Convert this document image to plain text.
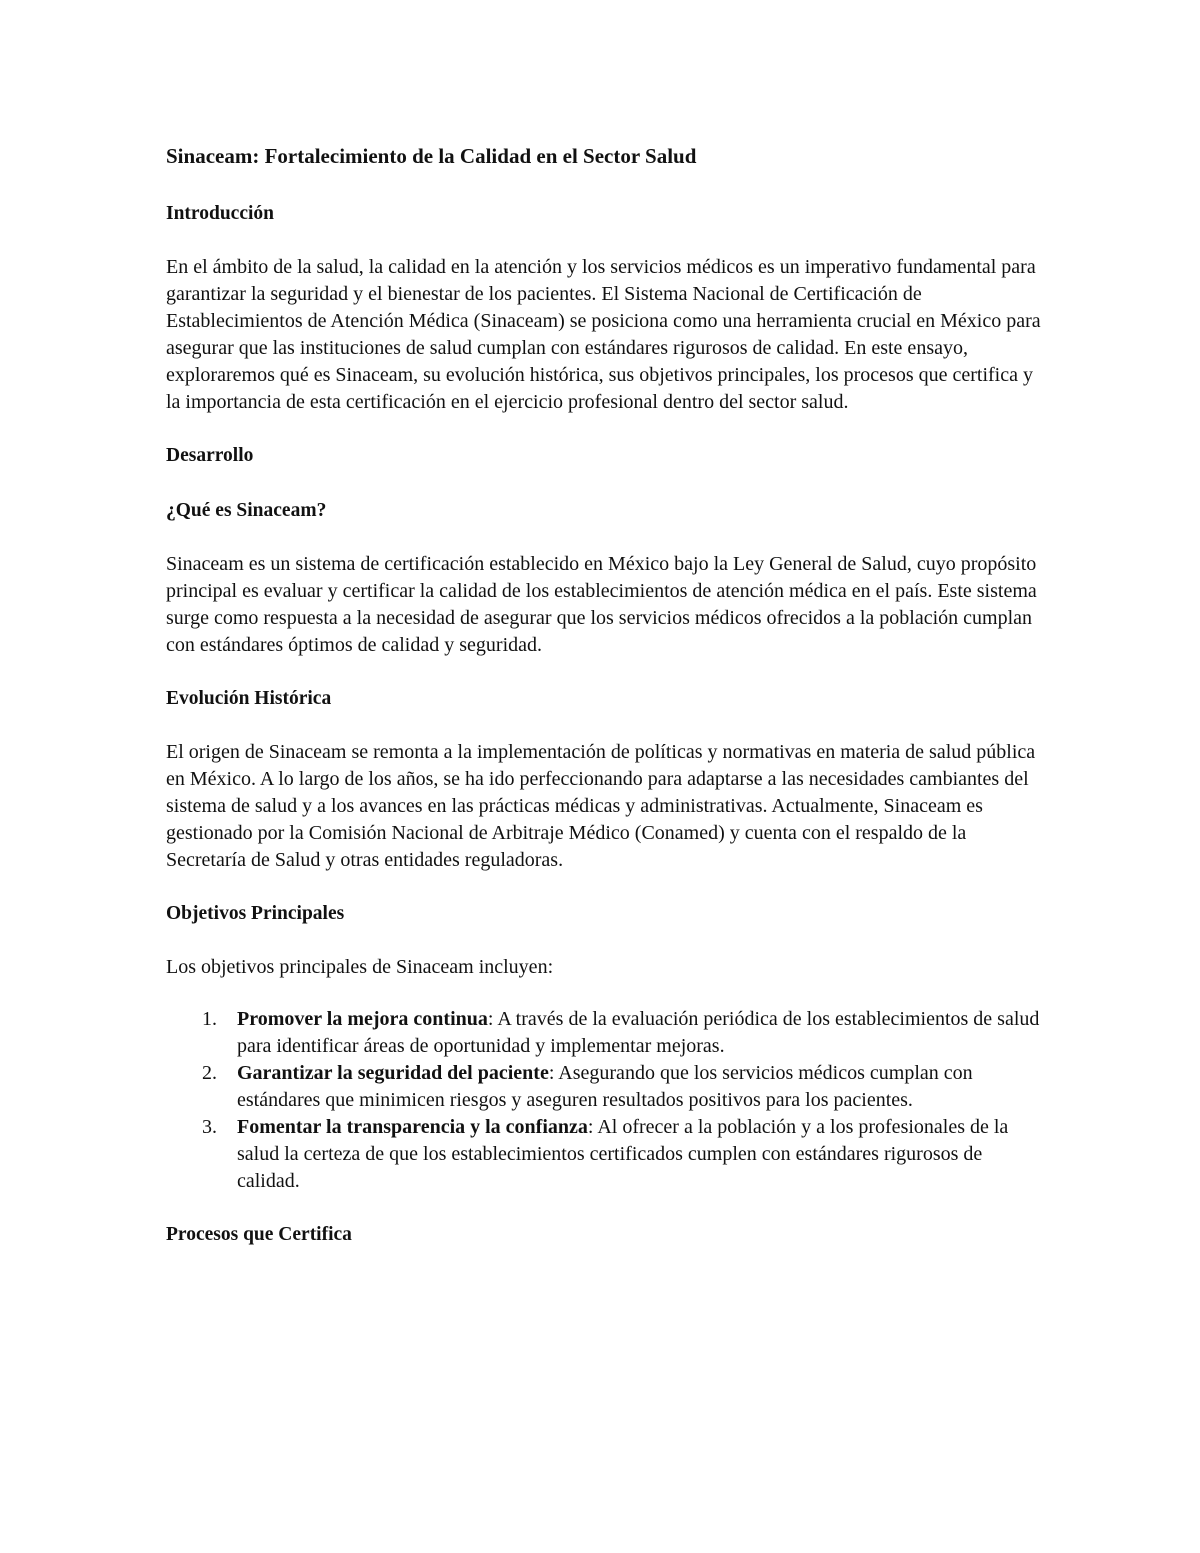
Sinaceam: Fortalecimiento de la Calidad en el Sector Salud
Introducción

En el ámbito de la salud, la calidad en la atención y los servicios médicos es un imperativo fundamental para garantizar la seguridad y el bienestar de los pacientes. El Sistema Nacional de Certificación de Establecimientos de Atención Médica (Sinaceam) se posiciona como una herramienta crucial en México para asegurar que las instituciones de salud cumplan con estándares rigurosos de calidad. En este ensayo, exploraremos qué es Sinaceam, su evolución histórica, sus objetivos principales, los procesos que certifica y la importancia de esta certificación en el ejercicio profesional dentro del sector salud.

Desarrollo
¿Qué es Sinaceam?

Sinaceam es un sistema de certificación establecido en México bajo la Ley General de Salud, cuyo propósito principal es evaluar y certificar la calidad de los establecimientos de atención médica en el país. Este sistema surge como respuesta a la necesidad de asegurar que los servicios médicos ofrecidos a la población cumplan con estándares óptimos de calidad y seguridad.

Evolución Histórica

El origen de Sinaceam se remonta a la implementación de políticas y normativas en materia de salud pública en México. A lo largo de los años, se ha ido perfeccionando para adaptarse a las necesidades cambiantes del sistema de salud y a los avances en las prácticas médicas y administrativas. Actualmente, Sinaceam es gestionado por la Comisión Nacional de Arbitraje Médico (Conamed) y cuenta con el respaldo de la Secretaría de Salud y otras entidades reguladoras.

Objetivos Principales

Los objetivos principales de Sinaceam incluyen:

1. Promover la mejora continua: A través de la evaluación periódica de los establecimientos de salud para identificar áreas de oportunidad y implementar mejoras.
2. Garantizar la seguridad del paciente: Asegurando que los servicios médicos cumplan con estándares que minimicen riesgos y aseguren resultados positivos para los pacientes.
3. Fomentar la transparencia y la confianza: Al ofrecer a la población y a los profesionales de la salud la certeza de que los establecimientos certificados cumplen con estándares rigurosos de calidad.
Procesos que Certifica
